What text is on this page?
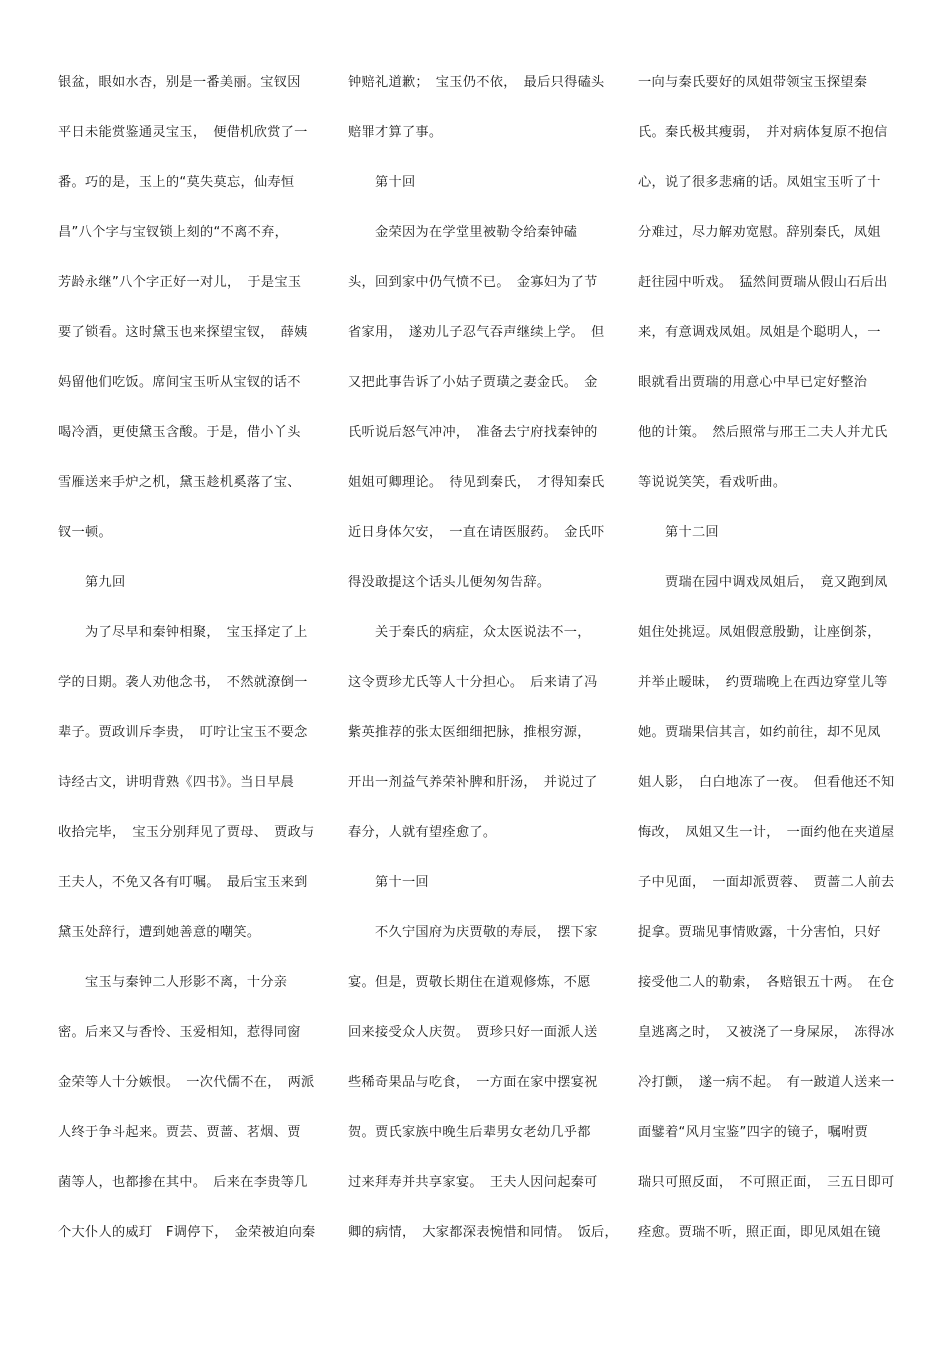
银盆，眼如水杏，别是一番美丽。宝钗因
平日未能赏鉴通灵宝玉，　便借机欣赏了一
番。巧的是，玉上的“莫失莫忘，仙寿恒
昌”八个字与宝钗锁上刻的“不离不弃，
芳龄永继”八个字正好一对儿，　于是宝玉
要了锁看。这时黛玉也来探望宝钗，　薛姨
妈留他们吃饭。席间宝玉听从宝钗的话不
喝冷酒，更使黛玉含酸。于是，借小丫头
雪雁送来手炉之机，黛玉趁机奚落了宝、
钗一顿。
　　第九回
　　为了尽早和秦钟相聚，　宝玉择定了上
学的日期。袭人劝他念书，　不然就潦倒一
辈子。贾政训斥李贵，　叮咛让宝玉不要念
诗经古文，讲明背熟《四书》。当日早晨
收拾完毕，　宝玉分别拜见了贾母、　贾政与
王夫人，不免又各有叮嘱。　最后宝玉来到
黛玉处辞行，遭到她善意的嘲笑。
　　宝玉与秦钟二人形影不离，十分亲
密。后来又与香怜、玉爱相知，惹得同窗
金荣等人十分嫉恨。　一次代儒不在，　两派
人终于争斗起来。贾芸、贾蔷、茗烟、贾
菌等人，也都掺在其中。　后来在李贵等几
个大仆人的威玎　F调停下，　金荣被迫向秦
钟赔礼道歉；　宝玉仍不依，　最后只得磕头
赔罪才算了事。
　　第十回
　　金荣因为在学堂里被勒令给秦钟磕
头，回到家中仍气愤不已。　金寡妇为了节
省家用，　遂劝儿子忍气吞声继续上学。　但
又把此事告诉了小姑子贾璜之妻金氏。　金
氏听说后怒气冲冲，　准备去宁府找秦钟的
姐姐可卿理论。　待见到秦氏，　才得知秦氏
近日身体欠安，　一直在请医服药。　金氏吓
得没敢提这个话头儿便匆匆告辞。
　　关于秦氏的病症，众太医说法不一，
这令贾珍尤氏等人十分担心。　后来请了冯
紫英推荐的张太医细细把脉，推根穷源，
开出一剂益气养荣补脾和肝汤，　并说过了
春分，人就有望痊愈了。
　　第十一回
　　不久宁国府为庆贾敬的寿辰，　摆下家
宴。但是，贾敬长期住在道观修炼，不愿
回来接受众人庆贺。　贾珍只好一面派人送
些稀奇果品与吃食，　一方面在家中摆宴祝
贺。贾氏家族中晚生后辈男女老幼几乎都
过来拜寿并共享家宴。　王夫人因问起秦可
卿的病情，　大家都深表惋惜和同情。　饭后，
一向与秦氏要好的凤姐带领宝玉探望秦
氏。秦氏极其瘦弱，　并对病体复原不抱信
心，说了很多悲痛的话。凤姐宝玉听了十
分难过，尽力解劝宽慰。辞别秦氏，凤姐
赶往园中听戏。　猛然间贾瑞从假山石后出
来，有意调戏凤姐。凤姐是个聪明人，一
眼就看出贾瑞的用意心中早已定好整治
他的计策。　然后照常与邢王二夫人并尤氏
等说说笑笑，看戏听曲。
　　第十二回
　　贾瑞在园中调戏凤姐后，　竟又跑到凤
姐住处挑逗。凤姐假意殷勤，让座倒茶，
并举止暧昧，　约贾瑞晚上在西边穿堂儿等
她。贾瑞果信其言，如约前往，却不见凤
姐人影，　白白地冻了一夜。　但看他还不知
悔改，　凤姐又生一计，　一面约他在夹道屋
子中见面，　一面却派贾蓉、　贾蔷二人前去
捉拿。贾瑞见事情败露，十分害怕，只好
接受他二人的勒索，　各赔银五十两。　在仓
皇逃离之时，　又被浇了一身屎尿，　冻得冰
冷打颤，　遂一病不起。　有一跛道人送来一
面鐾着“风月宝鉴”四字的镜子，嘱咐贾
瑞只可照反面，　不可照正面，　三五日即可
痊愈。贾瑞不听，照正面，即见凤姐在镜
